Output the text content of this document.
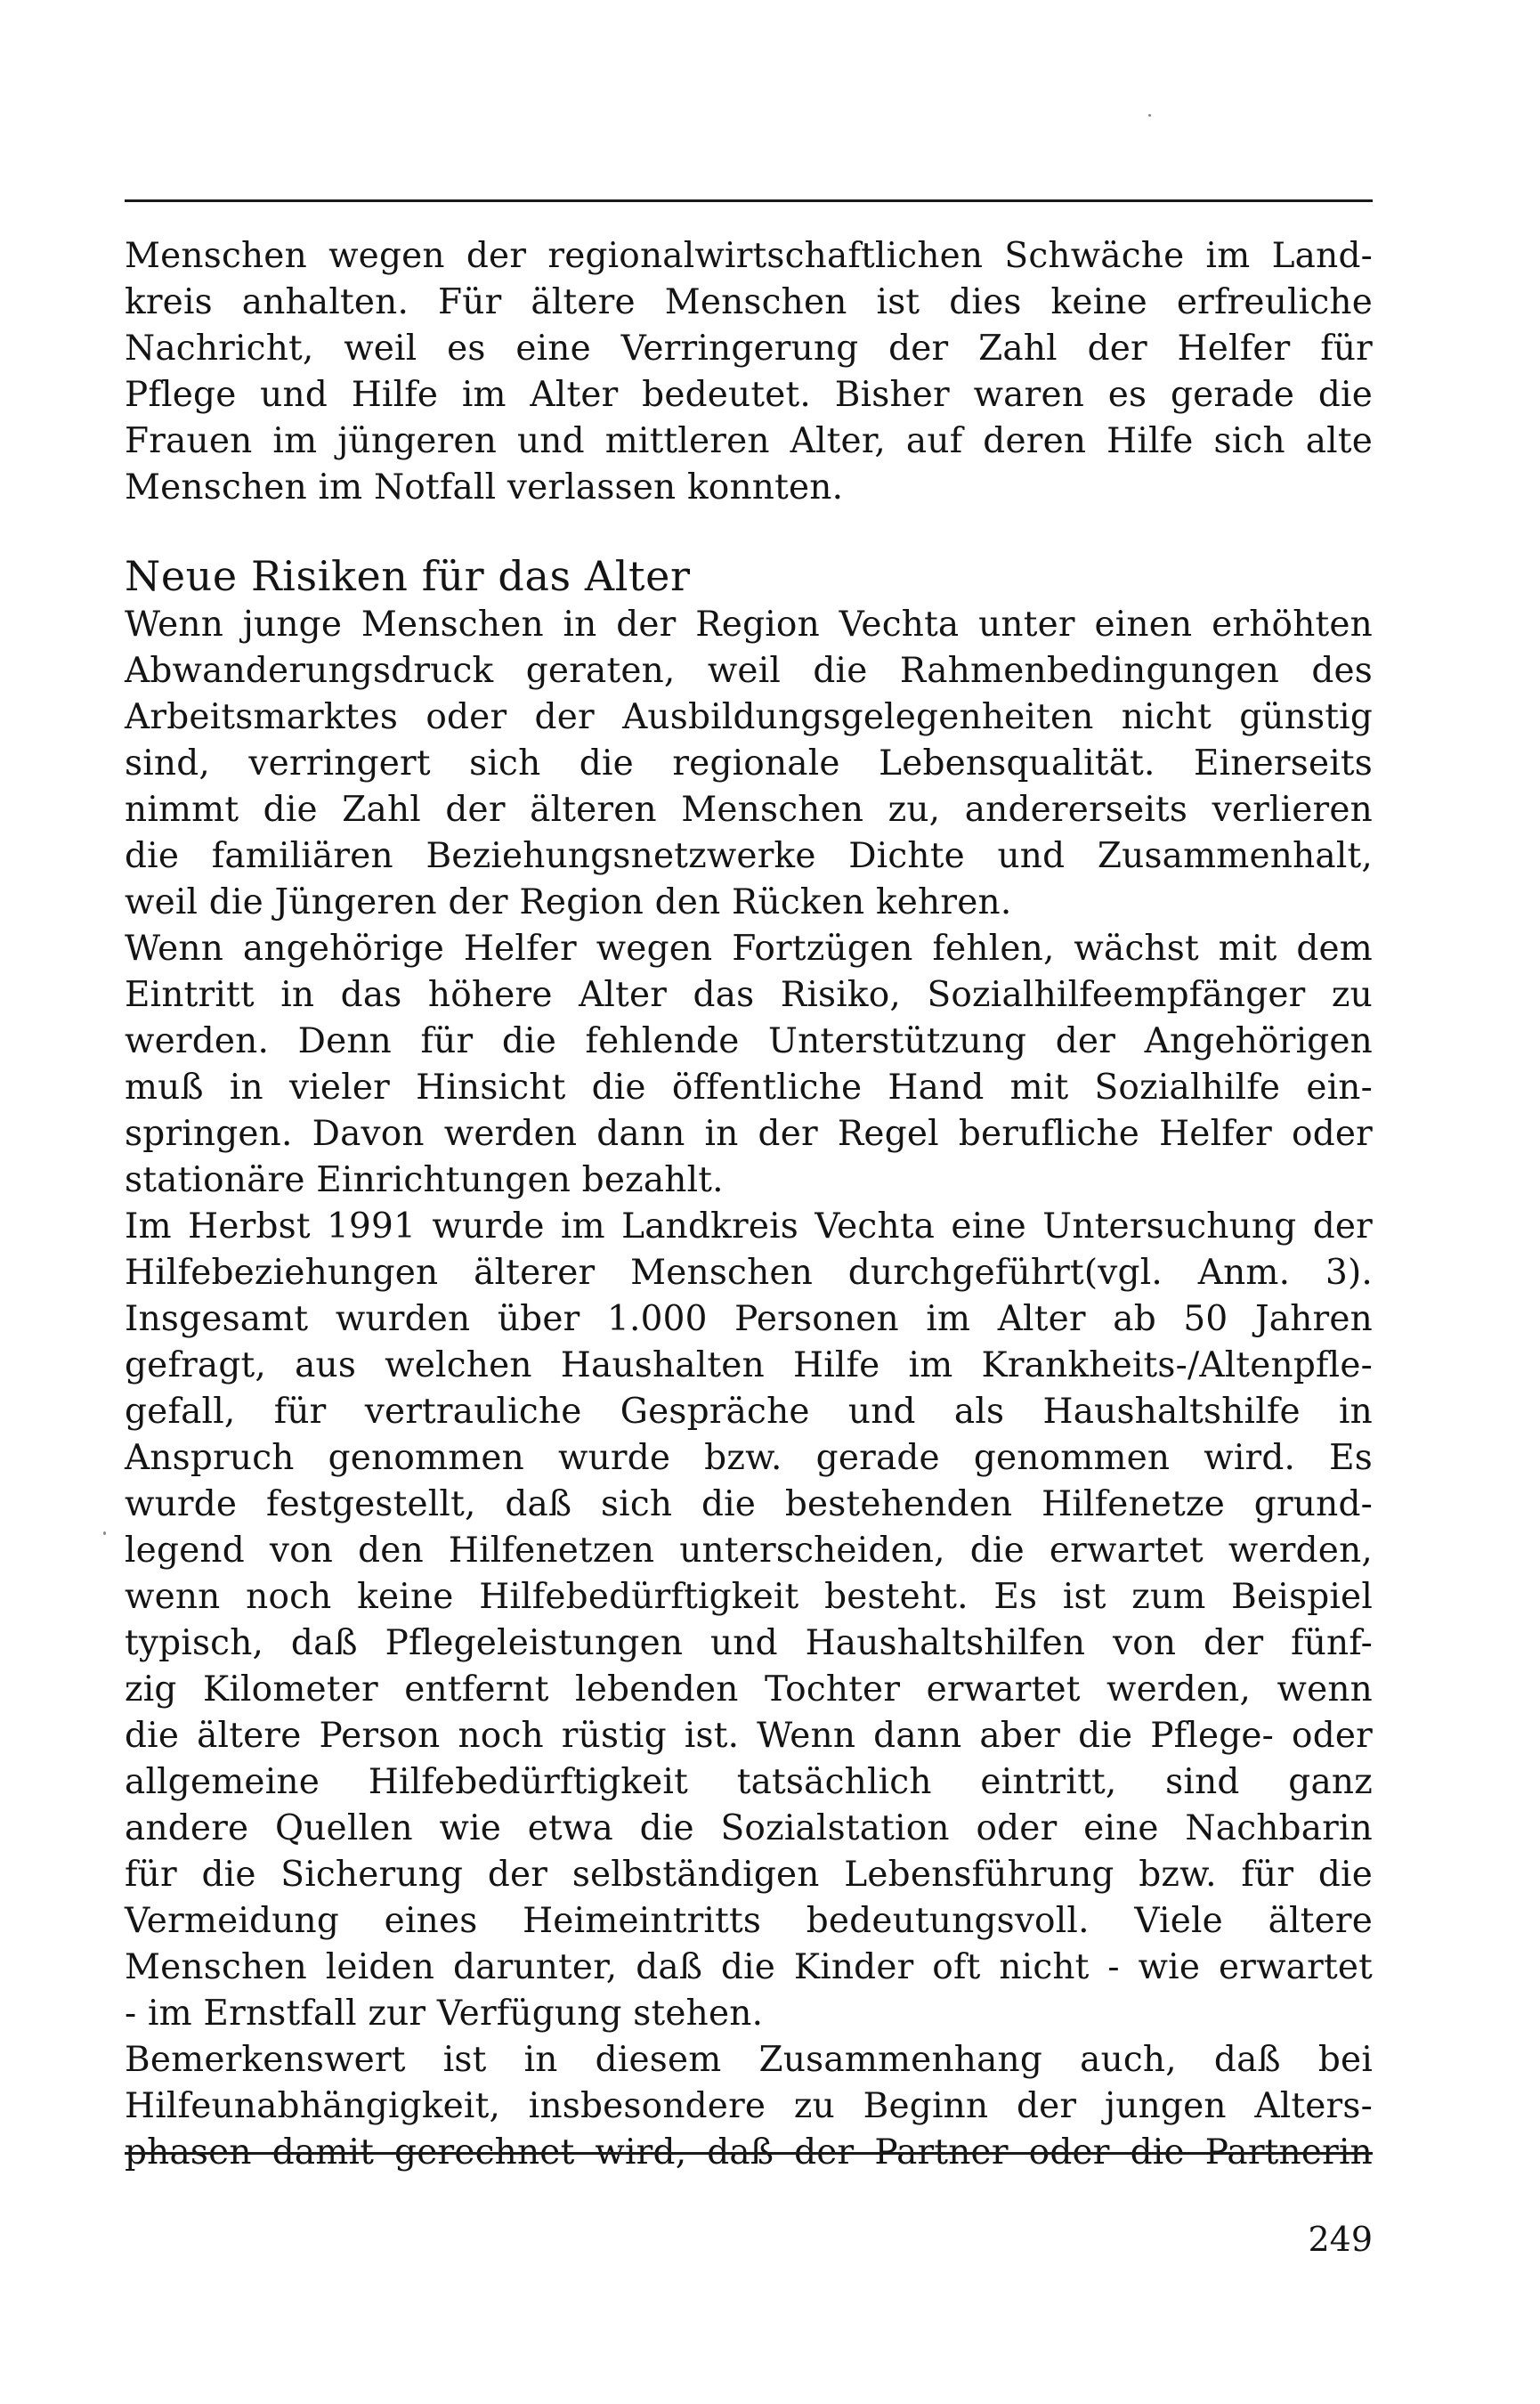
Menschen wegen der regionalwirtschaftlichen Schwäche im Land-
kreis anhalten. Für ältere Menschen ist dies keine erfreuliche
Nachricht, weil es eine Verringerung der Zahl der Helfer für
Pflege und Hilfe im Alter bedeutet. Bisher waren es gerade die
Frauen im jüngeren und mittleren Alter, auf deren Hilfe sich alte
Menschen im Notfall verlassen konnten.
Neue Risiken für das Alter
Wenn junge Menschen in der Region Vechta unter einen erhöhten
Abwanderungsdruck geraten, weil die Rahmenbedingungen des
Arbeitsmarktes oder der Ausbildungsgelegenheiten nicht günstig
sind, verringert sich die regionale Lebensqualität. Einerseits
nimmt die Zahl der älteren Menschen zu, andererseits verlieren
die familiären Beziehungsnetzwerke Dichte und Zusammenhalt,
weil die Jüngeren der Region den Rücken kehren.
Wenn angehörige Helfer wegen Fortzügen fehlen, wächst mit dem
Eintritt in das höhere Alter das Risiko, Sozialhilfeempfänger zu
werden. Denn für die fehlende Unterstützung der Angehörigen
muß in vieler Hinsicht die öffentliche Hand mit Sozialhilfe ein-
springen. Davon werden dann in der Regel berufliche Helfer oder
stationäre Einrichtungen bezahlt.
Im Herbst 1991 wurde im Landkreis Vechta eine Untersuchung der
Hilfebeziehungen älterer Menschen durchgeführt(vgl. Anm. 3).
Insgesamt wurden über 1.000 Personen im Alter ab 50 Jahren
gefragt, aus welchen Haushalten Hilfe im Krankheits-/Altenpfle-
gefall, für vertrauliche Gespräche und als Haushaltshilfe in
Anspruch genommen wurde bzw. gerade genommen wird. Es
wurde festgestellt, daß sich die bestehenden Hilfenetze grund-
legend von den Hilfenetzen unterscheiden, die erwartet werden,
wenn noch keine Hilfebedürftigkeit besteht. Es ist zum Beispiel
typisch, daß Pflegeleistungen und Haushaltshilfen von der fünf-
zig Kilometer entfernt lebenden Tochter erwartet werden, wenn
die ältere Person noch rüstig ist. Wenn dann aber die Pflege- oder
allgemeine Hilfebedürftigkeit tatsächlich eintritt, sind ganz
andere Quellen wie etwa die Sozialstation oder eine Nachbarin
für die Sicherung der selbständigen Lebensführung bzw. für die
Vermeidung eines Heimeintritts bedeutungsvoll. Viele ältere
Menschen leiden darunter, daß die Kinder oft nicht - wie erwartet
- im Ernstfall zur Verfügung stehen.
Bemerkenswert ist in diesem Zusammenhang auch, daß bei
Hilfeunabhängigkeit, insbesondere zu Beginn der jungen Alters-
phasen damit gerechnet wird, daß der Partner oder die Partnerin
249
